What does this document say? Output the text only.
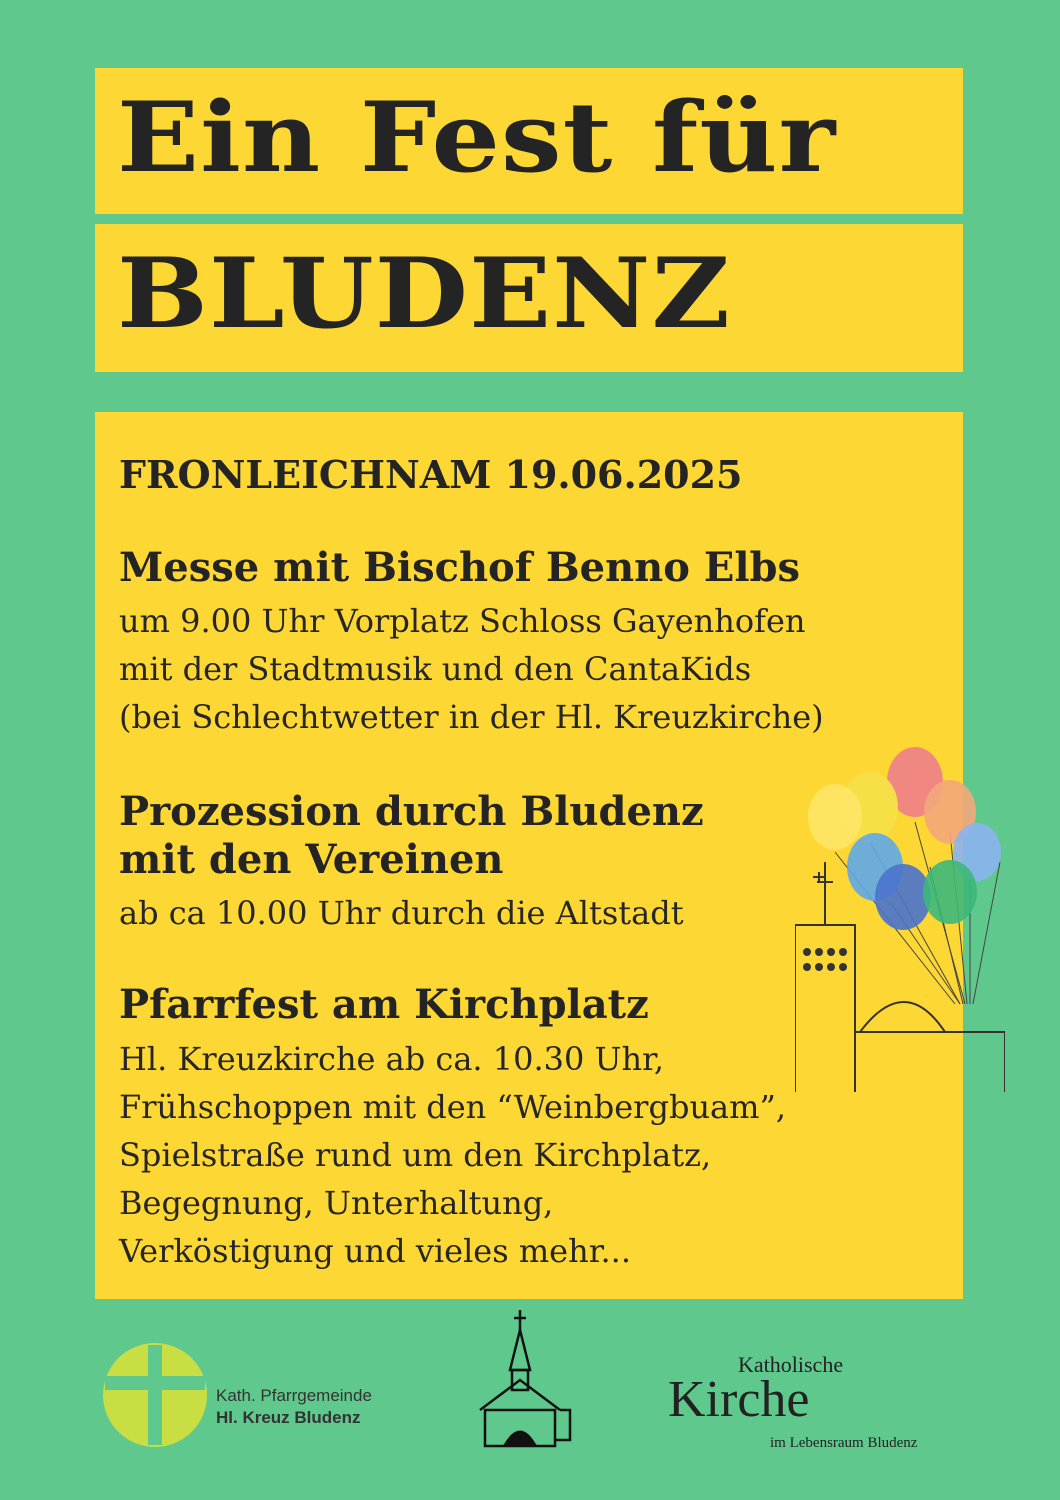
Ein Fest für
BLUDENZ
FRONLEICHNAM 19.06.2025
Messe mit Bischof Benno Elbs
um 9.00 Uhr Vorplatz Schloss Gayenhofen
mit der Stadtmusik und den CantaKids
(bei Schlechtwetter in der Hl. Kreuzkirche)
Prozession durch Bludenz
mit den Vereinen
ab ca 10.00 Uhr durch die Altstadt
Pfarrfest am Kirchplatz
Hl. Kreuzkirche ab ca. 10.30 Uhr,
Frühschoppen mit den “Weinbergbuam”,
Spielstraße rund um den Kirchplatz,
Begegnung, Unterhaltung,
Verköstigung und vieles mehr...
Kath. Pfarrgemeinde
Hl. Kreuz Bludenz
Katholische
Kirche
im Lebensraum Bludenz
